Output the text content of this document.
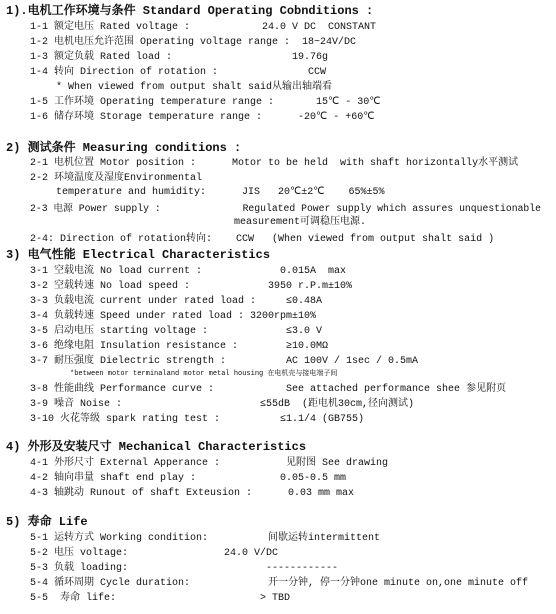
1).电机工作环境与条件 Standard Operating Cobnditions :
1-1 额定电压 Rated voltage :            24.0 V DC  CONSTANT
1-2 电机电压允许范围 Operating voltage range :  18~24V/DC
1-3 额定负载 Rated load :                    19.76g
1-4 转向 Direction of rotation :               CCW
* When viewed from output shalt said从输出轴端看
1-5 工作环境 Operating temperature range :       15℃ - 30℃
1-6 储存环境 Storage temperature range :      -20℃ - +60℃
2) 测试条件 Measuring conditions :
2-1 电机位置 Motor position :      Motor to be held  with shaft horizontally水平测试
2-2 环境温度及湿度Environmental
temperature and humidity:      JIS   20℃±2℃    65%±5%
2-3 电源 Power supply :              Regulated Power supply which assures unquestionable
measurement可调稳压电源.
2-4: Direction of rotation转向:    CCW   (When viewed from output shalt said )
3) 电气性能 Electrical Characteristics
3-1 空载电流 No load current :             0.015A  max
3-2 空载转速 No load speed :             3950 r.P.m±10%
3-3 负载电流 current under rated load :     ≤0.48A
3-4 负载转速 Speed under rated load : 3200rpm±10%
3-5 启动电压 starting voltage :             ≤3.0 V
3-6 绝缘电阻 Insulation resistance :        ≥10.0MΩ
3-7 耐压强度 Dielectric strength :          AC 100V / 1sec / 0.5mA
*between motor terminaland motor metal housing 在电机壳与接电端子间
3-8 性能曲线 Performance curve :            See attached performance shee 参见附页
3-9 噪音 Noise :                       ≤55dB  (距电机30cm,径向测试)
3-10 火花等级 spark rating test :          ≤1.1/4 (GB755)
4) 外形及安装尺寸 Mechanical Characteristics
4-1 外形尺寸 External Apperance :           见附图 See drawing
4-2 轴向串量 shaft end play :              0.05-0.5 mm
4-3 轴跳动 Runout of shaft Exteusion :      0.03 mm max
5) 寿命 Life
5-1 运转方式 Working condition:          间歇运转intermittent
5-2 电压 voltage:                24.0 V/DC
5-3 负载 loading:                       ------------
5-4 循环周期 Cycle duration:             开一分钟, 停一分钟one minute on,one minute off
5-5  寿命 life:                        > TBD
